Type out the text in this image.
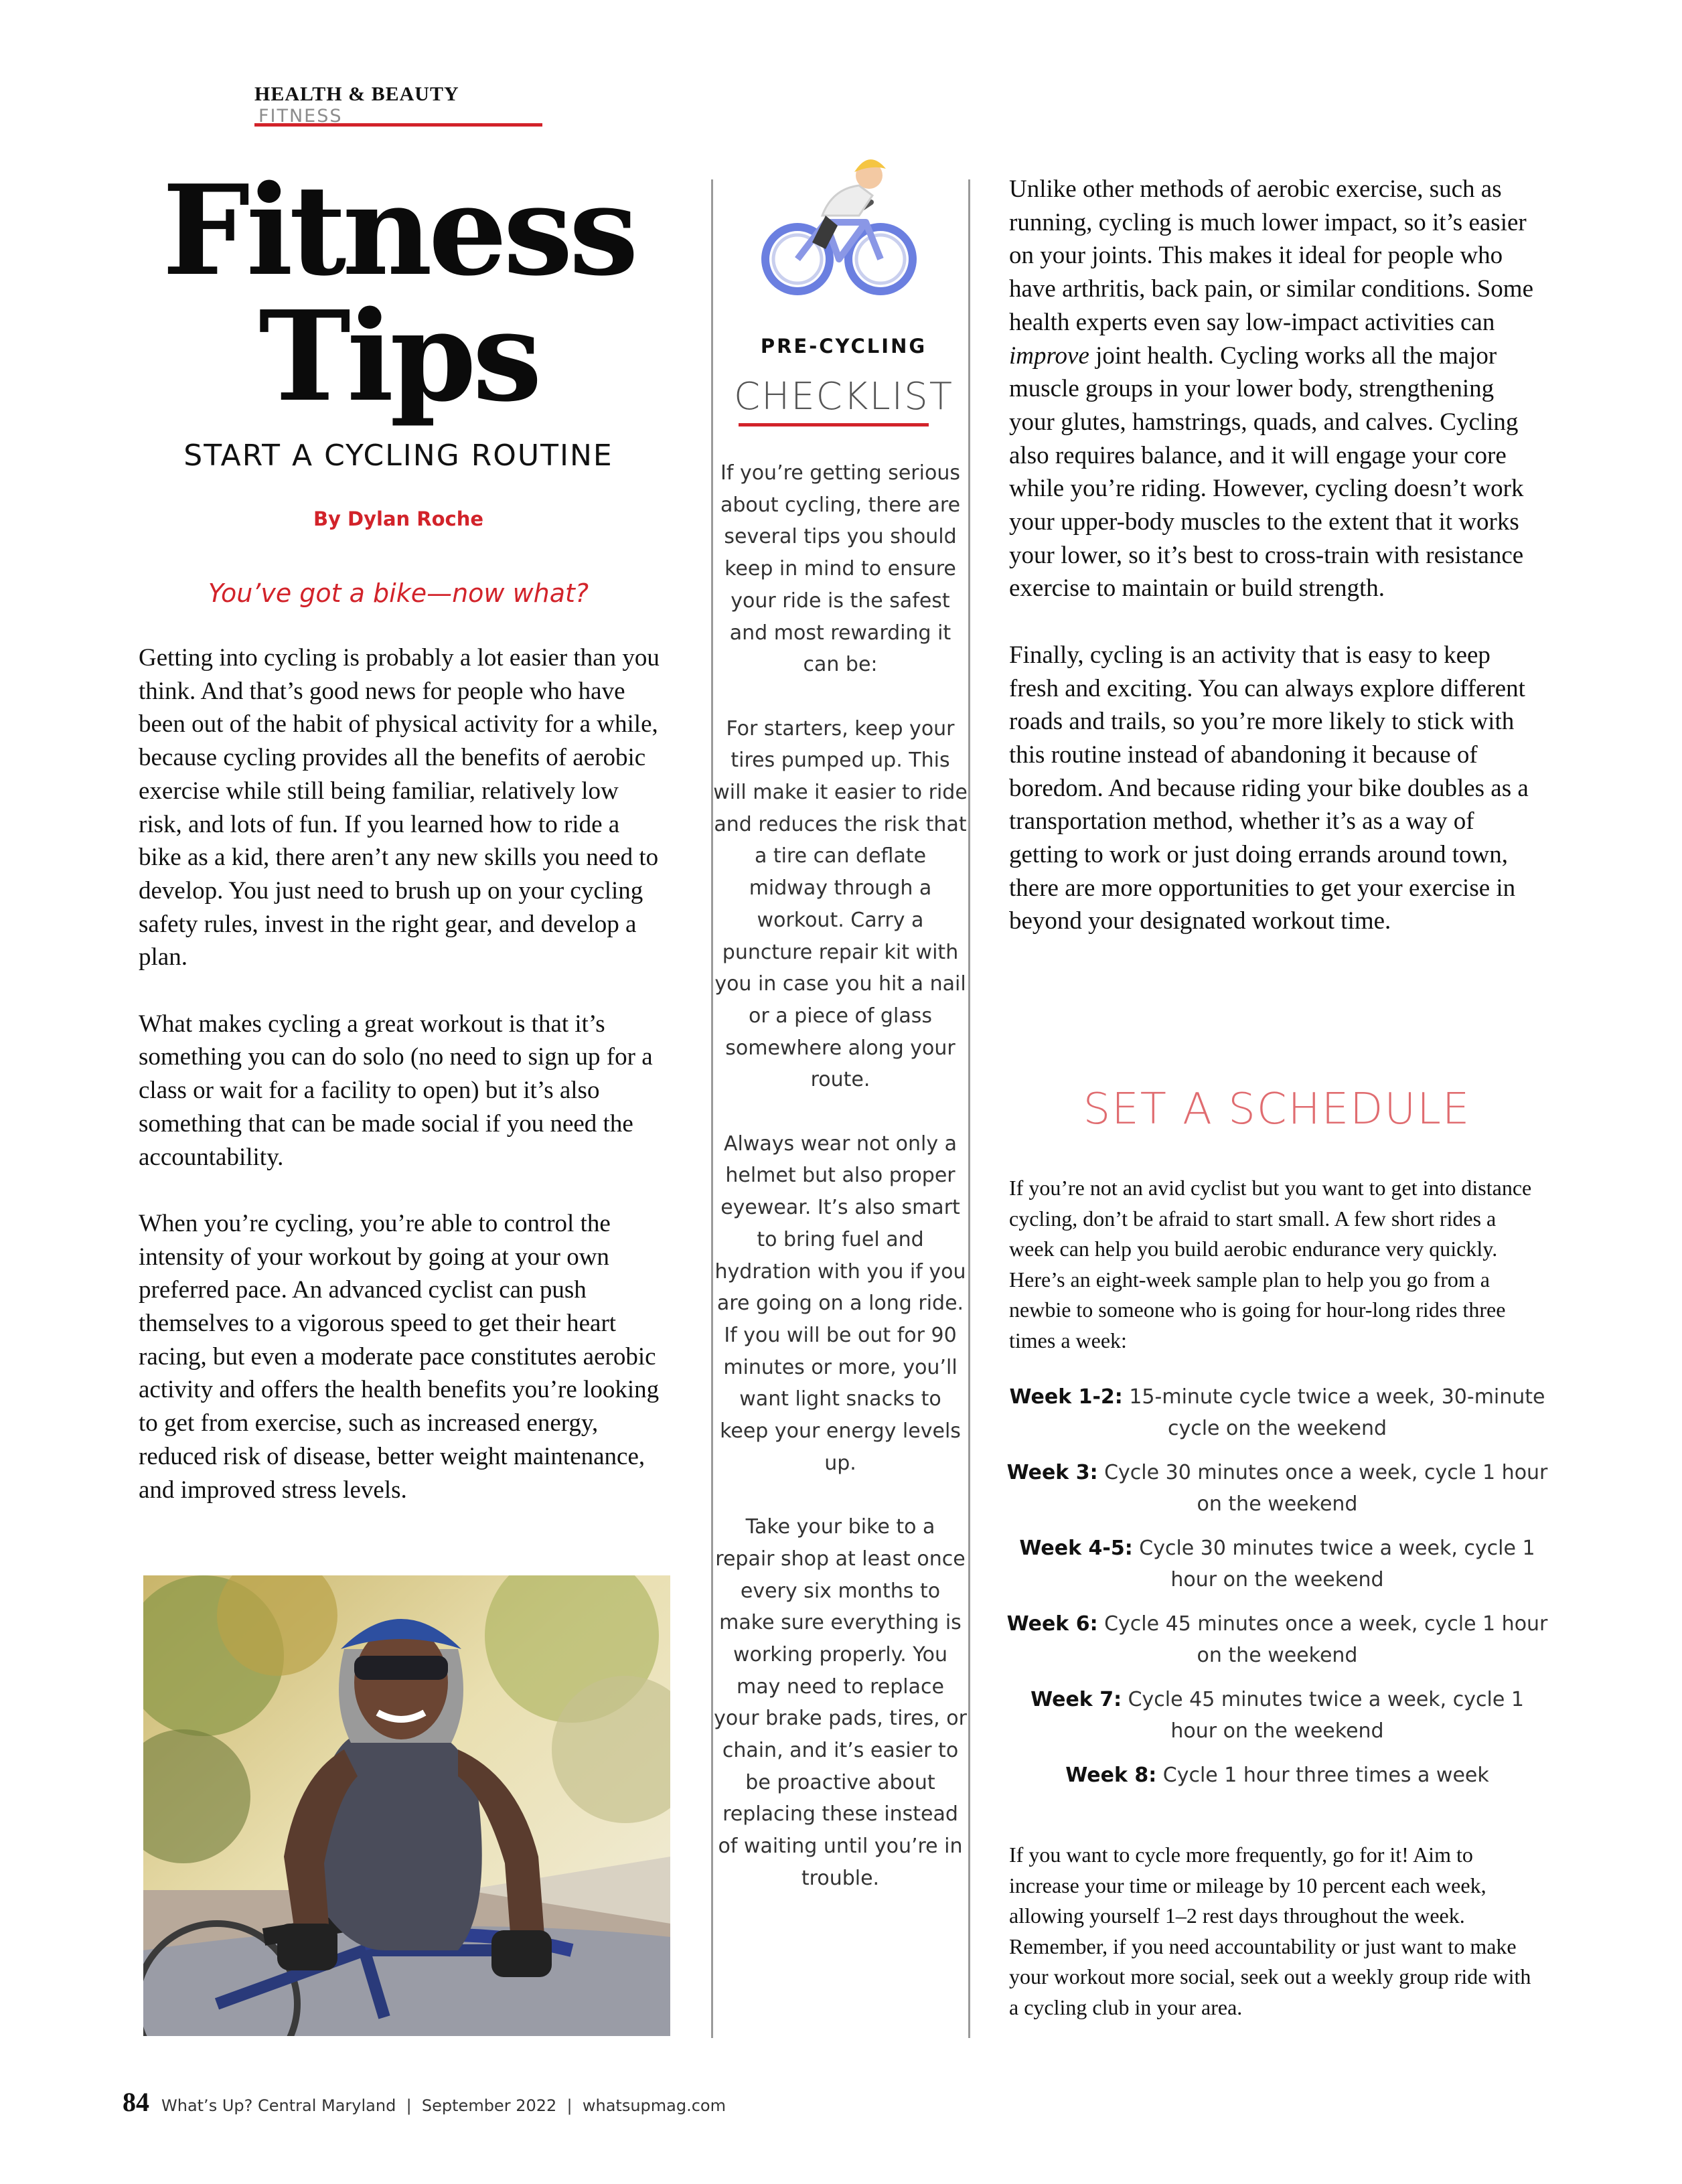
HEALTH & BEAUTY FITNESS
Fitness
Tips
START A CYCLING ROUTINE
By Dylan Roche
You’ve got a bike—now what?

Getting into cycling is probably a lot easier than you think. And that’s good news for people who have been out of the habit of physical activity for a while, because cycling provides all the benefits of aerobic exercise while still being familiar, relatively low risk, and lots of fun. If you learned how to ride a bike as a kid, there aren’t any new skills you need to develop. You just need to brush up on your cycling safety rules, invest in the right gear, and develop a plan.

What makes cycling a great workout is that it’s something you can do solo (no need to sign up for a class or wait for a facility to open) but it’s also something that can be made social if you need the accountability.

When you’re cycling, you’re able to control the intensity of your workout by going at your own preferred pace. An advanced cyclist can push themselves to a vigorous speed to get their heart racing, but even a moderate pace constitutes aerobic activity and offers the health benefits you’re looking to get from exercise, such as increased energy, reduced risk of disease, better weight maintenance, and improved stress levels.

PRE-CYCLING
CHECKLIST

If you’re getting serious about cycling, there are several tips you should keep in mind to ensure your ride is the safest and most rewarding it can be:

For starters, keep your tires pumped up. This will make it easier to ride and reduces the risk that a tire can deflate midway through a workout. Carry a puncture repair kit with you in case you hit a nail or a piece of glass somewhere along your route.

Always wear not only a helmet but also proper eyewear. It’s also smart to bring fuel and hydration with you if you are going on a long ride. If you will be out for 90 minutes or more, you’ll want light snacks to keep your energy levels up.

Take your bike to a repair shop at least once every six months to make sure everything is working properly. You may need to replace your brake pads, tires, or chain, and it’s easier to be proactive about replacing these instead of waiting until you’re in trouble.

Unlike other methods of aerobic exercise, such as running, cycling is much lower impact, so it’s easier on your joints. This makes it ideal for people who have arthritis, back pain, or similar conditions. Some health experts even say low-impact activities can improve joint health. Cycling works all the major muscle groups in your lower body, strengthening your glutes, hamstrings, quads, and calves. Cycling also requires balance, and it will engage your core while you’re riding. However, cycling doesn’t work your upper-body muscles to the extent that it works your lower, so it’s best to cross-train with resistance exercise to maintain or build strength.

Finally, cycling is an activity that is easy to keep fresh and exciting. You can always explore different roads and trails, so you’re more likely to stick with this routine instead of abandoning it because of boredom. And because riding your bike doubles as a transportation method, whether it’s as a way of getting to work or just doing errands around town, there are more opportunities to get your exercise in beyond your designated workout time.

SET A SCHEDULE
If you’re not an avid cyclist but you want to get into distance cycling, don’t be afraid to start small. A few short rides a week can help you build aerobic endurance very quickly. Here’s an eight-week sample plan to help you go from a newbie to someone who is going for hour-long rides three times a week:
Week 1-2: 15-minute cycle twice a week, 30-minute cycle on the weekend
Week 3: Cycle 30 minutes once a week, cycle 1 hour on the weekend
Week 4-5: Cycle 30 minutes twice a week, cycle 1 hour on the weekend
Week 6: Cycle 45 minutes once a week, cycle 1 hour on the weekend
Week 7: Cycle 45 minutes twice a week, cycle 1 hour on the weekend
Week 8: Cycle 1 hour three times a week
If you want to cycle more frequently, go for it! Aim to increase your time or mileage by 10 percent each week, allowing yourself 1–2 rest days throughout the week. Remember, if you need accountability or just want to make your workout more social, seek out a weekly group ride with a cycling club in your area.
84 What’s Up? Central Maryland  |  September 2022  |  whatsupmag.com
